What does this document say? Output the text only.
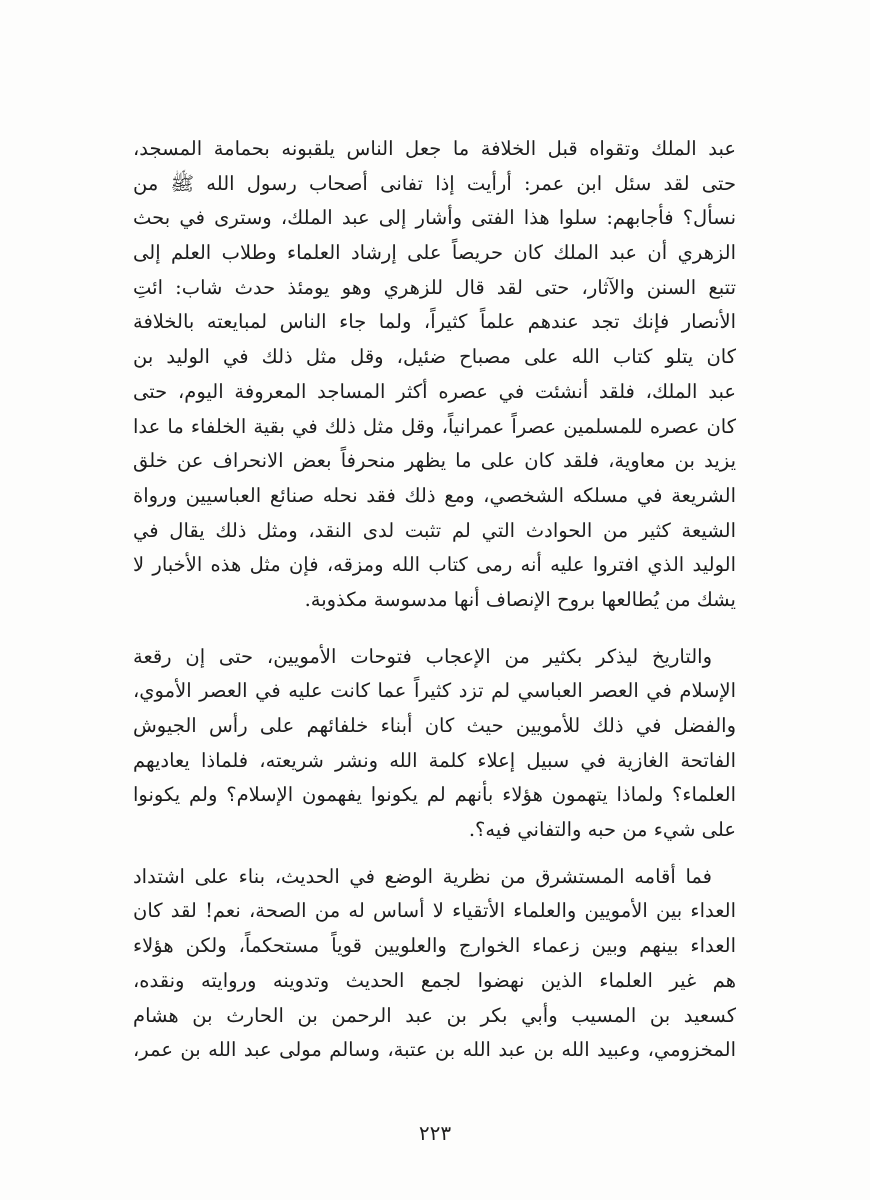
عبد الملك وتقواه قبل الخلافة ما جعل الناس يلقبونه بحمامة المسجد،
حتى لقد سئل ابن عمر: أرأيت إذا تفانى أصحاب رسول الله ﷺ من
نسأل؟ فأجابهم: سلوا هذا الفتى وأشار إلى عبد الملك، وسترى في بحث
الزهري أن عبد الملك كان حريصاً على إرشاد العلماء وطلاب العلم إلى
تتبع السنن والآثار، حتى لقد قال للزهري وهو يومئذ حدث شاب: ائتِ
الأنصار فإنك تجد عندهم علماً كثيراً، ولما جاء الناس لمبايعته بالخلافة
كان يتلو كتاب الله على مصباح ضئيل، وقل مثل ذلك في الوليد بن
عبد الملك، فلقد أنشئت في عصره أكثر المساجد المعروفة اليوم، حتى
كان عصره للمسلمين عصراً عمرانياً، وقل مثل ذلك في بقية الخلفاء ما عدا
يزيد بن معاوية، فلقد كان على ما يظهر منحرفاً بعض الانحراف عن خلق
الشريعة في مسلكه الشخصي، ومع ذلك فقد نحله صنائع العباسيين ورواة
الشيعة كثير من الحوادث التي لم تثبت لدى النقد، ومثل ذلك يقال في
الوليد الذي افتروا عليه أنه رمى كتاب الله ومزقه، فإن مثل هذه الأخبار لا
يشك من يُطالعها بروح الإنصاف أنها مدسوسة مكذوبة.
والتاريخ ليذكر بكثير من الإعجاب فتوحات الأمويين، حتى إن رقعة
الإسلام في العصر العباسي لم تزد كثيراً عما كانت عليه في العصر الأموي،
والفضل في ذلك للأمويين حيث كان أبناء خلفائهم على رأس الجيوش
الفاتحة الغازية في سبيل إعلاء كلمة الله ونشر شريعته، فلماذا يعاديهم
العلماء؟ ولماذا يتهمون هؤلاء بأنهم لم يكونوا يفهمون الإسلام؟ ولم يكونوا
على شيء من حبه والتفاني فيه؟.
فما أقامه المستشرق من نظرية الوضع في الحديث، بناء على اشتداد
العداء بين الأمويين والعلماء الأتقياء لا أساس له من الصحة، نعم! لقد كان
العداء بينهم وبين زعماء الخوارج والعلويين قوياً مستحكماً، ولكن هؤلاء
هم غير العلماء الذين نهضوا لجمع الحديث وتدوينه وروايته ونقده،
كسعيد بن المسيب وأبي بكر بن عبد الرحمن بن الحارث بن هشام
المخزومي، وعبيد الله بن عبد الله بن عتبة، وسالم مولى عبد الله بن عمر،
٢٢٣
